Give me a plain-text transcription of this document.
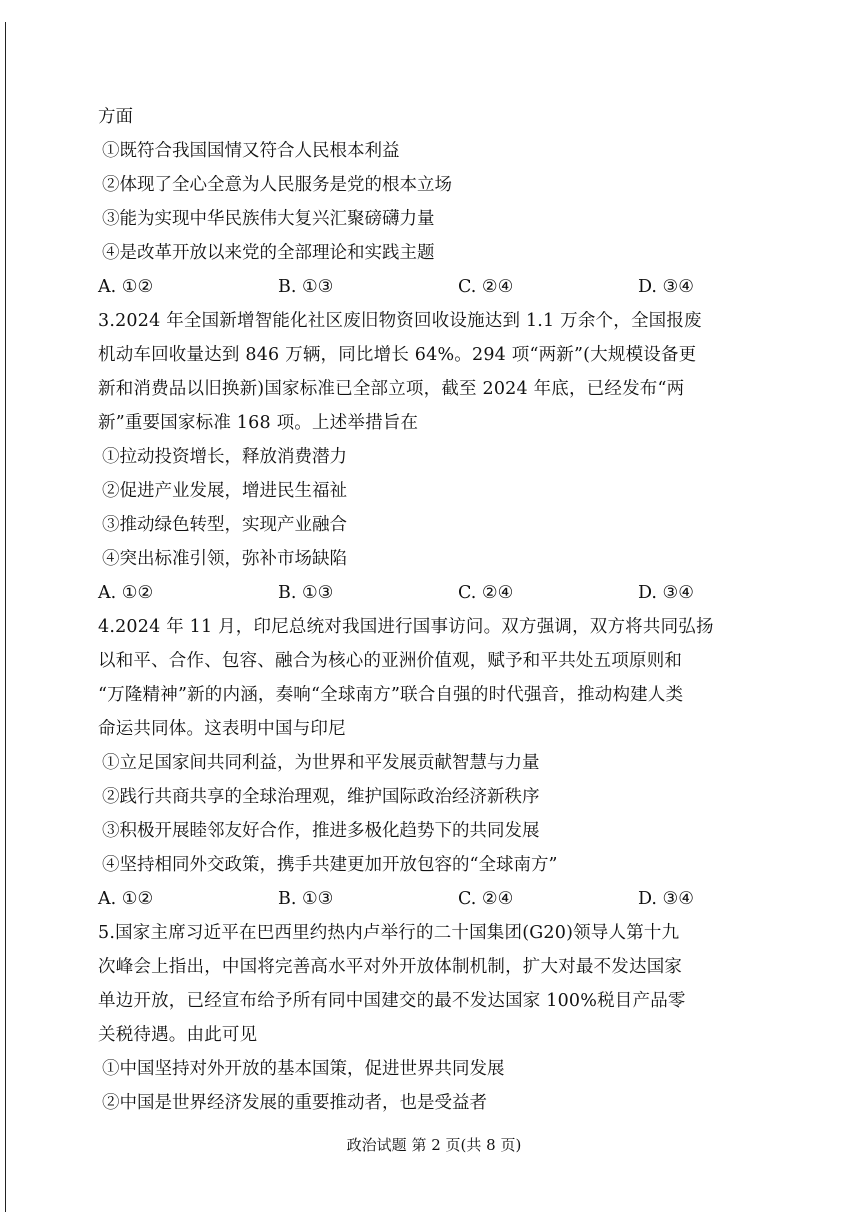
方面
①既符合我国国情又符合人民根本利益
②体现了全心全意为人民服务是党的根本立场
③能为实现中华民族伟大复兴汇聚磅礴力量
④是改革开放以来党的全部理论和实践主题
A. ①②	B. ①③	C. ②④	D. ③④
3.2024 年全国新增智能化社区废旧物资回收设施达到 1.1 万余个，全国报废
机动车回收量达到 846 万辆，同比增长 64%。294 项“两新”(大规模设备更
新和消费品以旧换新)国家标准已全部立项，截至 2024 年底，已经发布“两
新”重要国家标准 168 项。上述举措旨在
①拉动投资增长，释放消费潜力
②促进产业发展，增进民生福祉
③推动绿色转型，实现产业融合
④突出标准引领，弥补市场缺陷
A. ①②	B. ①③	C. ②④	D. ③④
4.2024 年 11 月，印尼总统对我国进行国事访问。双方强调，双方将共同弘扬
以和平、合作、包容、融合为核心的亚洲价值观，赋予和平共处五项原则和
“万隆精神”新的内涵，奏响“全球南方”联合自强的时代强音，推动构建人类
命运共同体。这表明中国与印尼
①立足国家间共同利益，为世界和平发展贡献智慧与力量
②践行共商共享的全球治理观，维护国际政治经济新秩序
③积极开展睦邻友好合作，推进多极化趋势下的共同发展
④坚持相同外交政策，携手共建更加开放包容的“全球南方”
A. ①②	B. ①③	C. ②④	D. ③④
5.国家主席习近平在巴西里约热内卢举行的二十国集团(G20)领导人第十九
次峰会上指出，中国将完善高水平对外开放体制机制，扩大对最不发达国家
单边开放，已经宣布给予所有同中国建交的最不发达国家 100%税目产品零
关税待遇。由此可见
①中国坚持对外开放的基本国策，促进世界共同发展
②中国是世界经济发展的重要推动者，也是受益者
政治试题 第 2 页(共 8 页)
